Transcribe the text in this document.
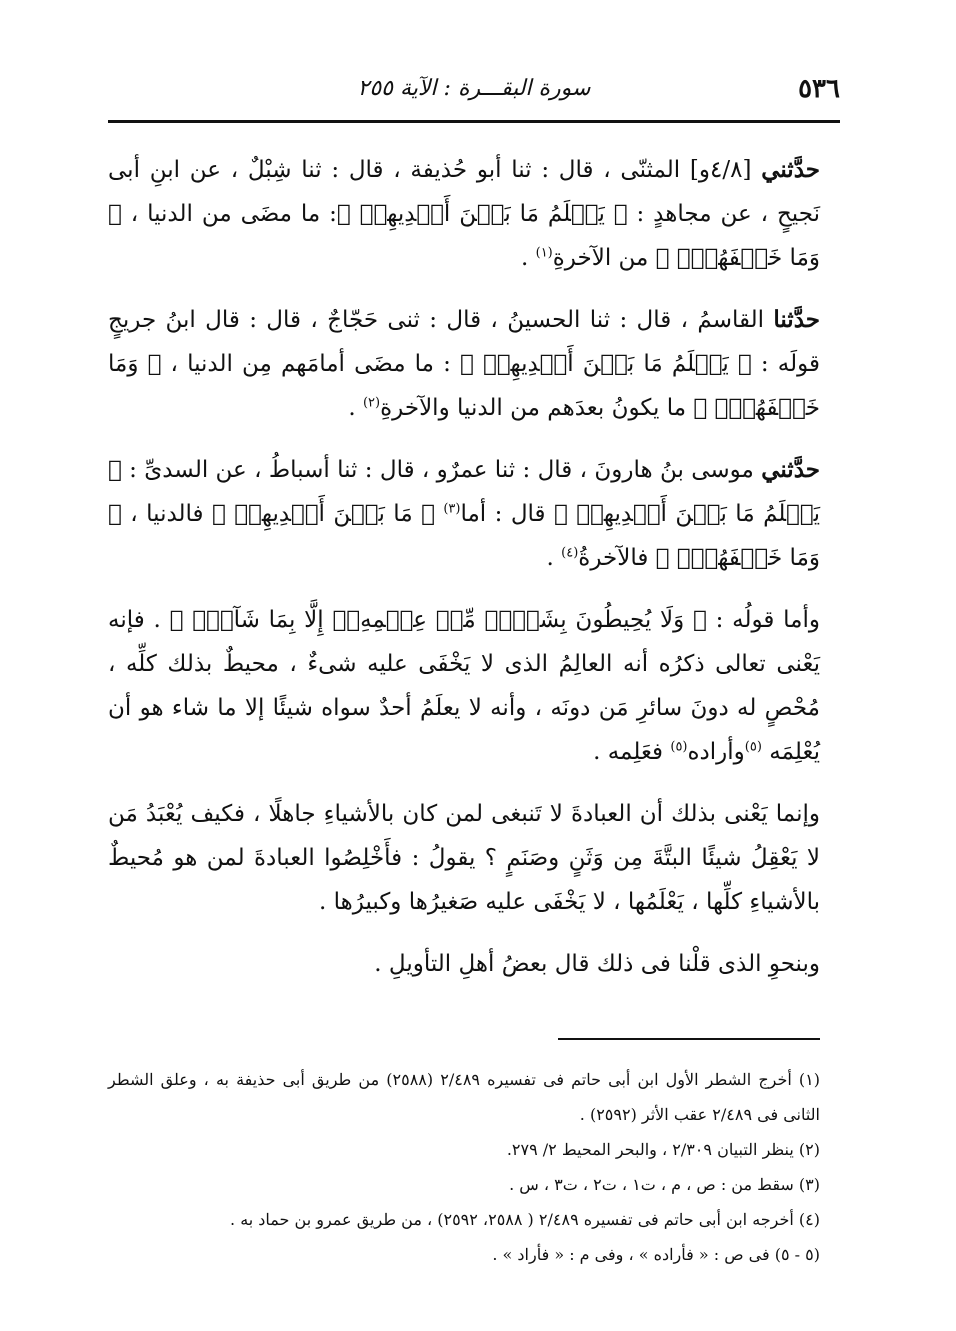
٥٣٦
سورة البقـــرة : الآية ٢٥٥

حدَّثني [٤/٨و] المثنّى ، قال : ثنا أبو حُذيفة ، قال : ثنا شِبْلٌ ، عن ابنِ أبى نَجيحٍ ، عن مجاهدٍ : ﴿ يَعۡلَمُ مَا بَيۡنَ أَيۡدِيهِمۡ ﴾: ما مضَى من الدنيا ، ﴿ وَمَا خَلۡفَهُمۡۖ ﴾ من الآخرةِ$^{(١)}$ .

حدَّثنا القاسمُ ، قال : ثنا الحسينُ ، قال : ثنى حَجّاجٌ ، قال : قال ابنُ جريجٍ قولَه : ﴿ يَعۡلَمُ مَا بَيۡنَ أَيۡدِيهِمۡ ﴾ : ما مضَى أمامَهم مِن الدنيا ، ﴿ وَمَا خَلۡفَهُمۡۖ ﴾ ما يكونُ بعدَهم من الدنيا والآخرةِ$^{(٢)}$ .

حدَّثني موسى بنُ هارونَ ، قال : ثنا عمرٌو ، قال : ثنا أسباطُ ، عن السدىِّ : ﴿ يَعۡلَمُ مَا بَيۡنَ أَيۡدِيهِمۡ ﴾ قال : أما$^{(٣)}$ ﴿ مَا بَيۡنَ أَيۡدِيهِمۡ ﴾ فالدنيا ، ﴿ وَمَا خَلۡفَهُمۡۖ ﴾ فالآخرةُ$^{(٤)}$ .

وأما قولُه : ﴿ وَلَا يُحِيطُونَ بِشَيۡءٖ مِّنۡ عِلۡمِهِۦٓ إِلَّا بِمَا شَآءَۚ ﴾ . فإنه يَعْنى تعالى ذكرُه أنه العالِمُ الذى لا يَخْفَى عليه شىءٌ ، محيطٌ بذلك كلِّه ، مُحْصٍ له دونَ سائرِ مَن دونَه ، وأنه لا يعلَمُ أحدٌ سواه شيئًا إلا ما شاء هو أن يُعْلِمَه $^{(٥)}$وأراده$^{(٥)}$ فعَلِمه .

وإنما يَعْنى بذلك أن العبادةَ لا تَنبغى لمن كان بالأشياءِ جاهلًا ، فكيف يُعْبَدُ مَن لا يَعْقِلُ شيئًا البتَّةَ مِن وَثَنٍ وصَنَمٍ ؟ يقولُ : فأَخْلِصُوا العبادةَ لمن هو مُحيطٌ بالأشياءِ كلِّها ، يَعْلَمُها ، لا يَخْفَى عليه صَغيرُها وكبيرُها .

وبنحوِ الذى قلْنا فى ذلك قال بعضُ أهلِ التأويلِ .

(١) أخرج الشطر الأول ابن أبى حاتم فى تفسيره ٢/٤٨٩ (٢٥٨٨) من طريق أبى حذيفة به ، وعلق الشطر الثانى فى ٢/٤٨٩ عقب الأثر (٢٥٩٢) .

(٢) ينظر التبيان ٢/٣٠٩ ، والبحر المحيط ٢/ ٢٧٩.

(٣) سقط من : ص ، م ، ت١ ، ت٢ ، ت٣ ، س .

(٤) أخرجه ابن أبى حاتم فى تفسيره ٢/٤٨٩ ( ٢٥٨٨، ٢٥٩٢) ، من طريق عمرو بن حماد به .

(٥ - ٥) فى ص : « فأراده » ، وفى م : « فأراد » .
